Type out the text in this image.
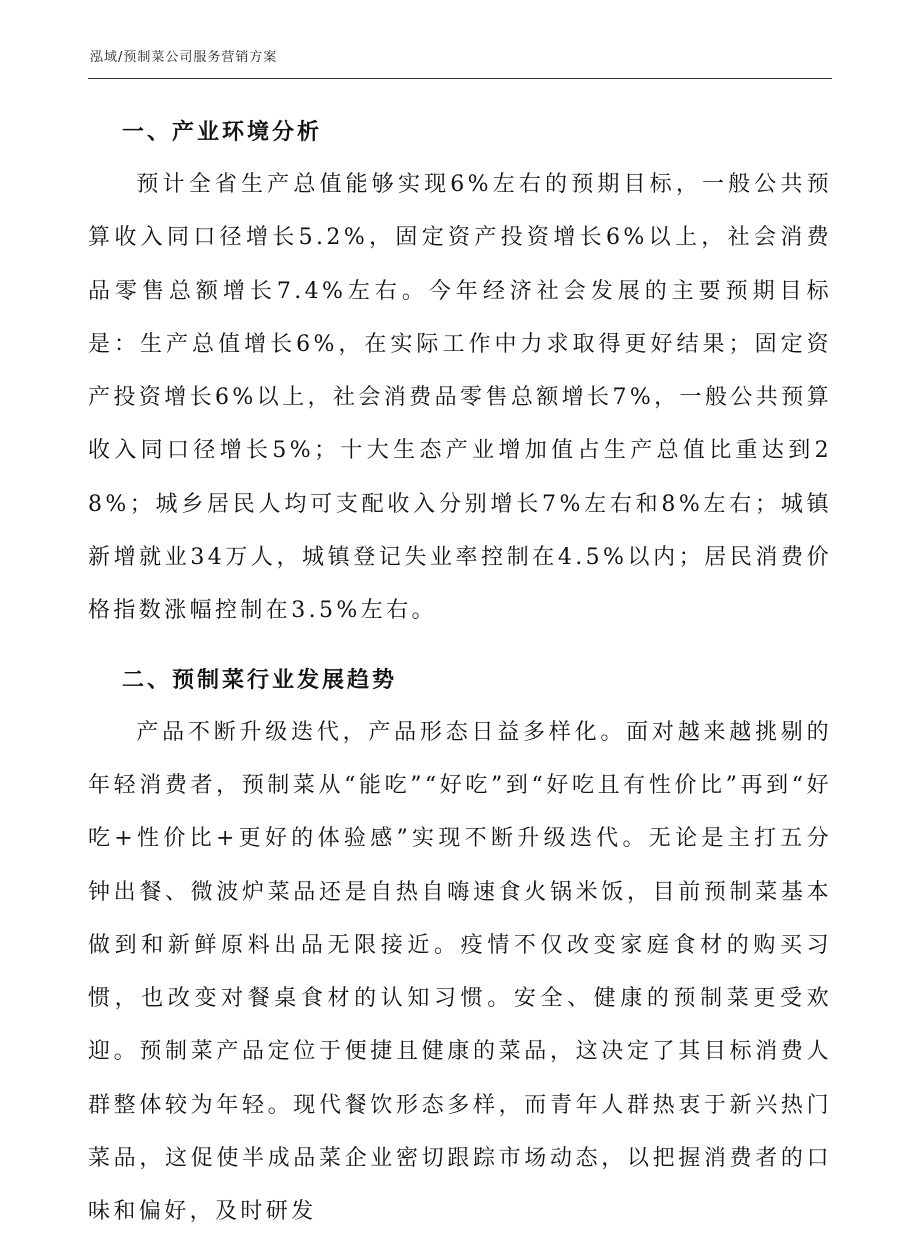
泓域/预制菜公司服务营销方案
一、产业环境分析

预计全省生产总值能够实现6%左右的预期目标，一般公共预算收入同口径增长5.2%，固定资产投资增长6%以上，社会消费品零售总额增长7.4%左右。今年经济社会发展的主要预期目标是：生产总值增长6%，在实际工作中力求取得更好结果；固定资产投资增长6%以上，社会消费品零售总额增长7%，一般公共预算收入同口径增长5%；十大生态产业增加值占生产总值比重达到28%；城乡居民人均可支配收入分别增长7%左右和8%左右；城镇新增就业34万人，城镇登记失业率控制在4.5%以内；居民消费价格指数涨幅控制在3.5%左右。

二、预制菜行业发展趋势

产品不断升级迭代，产品形态日益多样化。面对越来越挑剔的年轻消费者，预制菜从“能吃”“好吃”到“好吃且有性价比”再到“好吃+性价比+更好的体验感”实现不断升级迭代。无论是主打五分钟出餐、微波炉菜品还是自热自嗨速食火锅米饭，目前预制菜基本做到和新鲜原料出品无限接近。疫情不仅改变家庭食材的购买习惯，也改变对餐桌食材的认知习惯。安全、健康的预制菜更受欢迎。预制菜产品定位于便捷且健康的菜品，这决定了其目标消费人群整体较为年轻。现代餐饮形态多样，而青年人群热衷于新兴热门菜品，这促使半成品菜企业密切跟踪市场动态，以把握消费者的口味和偏好，及时研发
